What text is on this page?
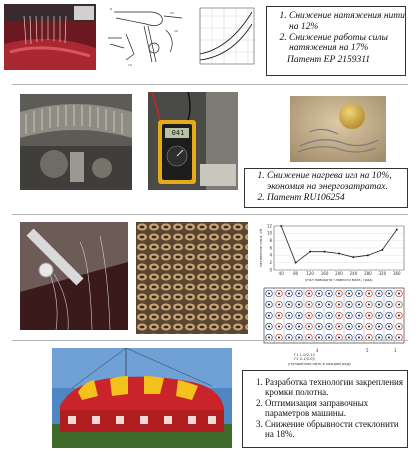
6
10
12
14
1. Снижение натяжения нити на 12%
2. Снижение работы силы натяжения на 17%
Патент EP 2159311
041
1. Снижение нагрева игл на 10%, экономия на энергозатратах.
2. Патент RU106254
0
2
4
6
8
10
12
40 80 120 160 200 240 280 320 360
угол поворота главного вала, град.
натяжение нити, сН
Г1 1-0/2-1//
Г2 0-1/0-0//
утолщенная нить в каждом ряду
4	5	1
1. Разработка технологии закрепления кромки полотна.
2. Оптимизация заправочных параметров машины.
3. Снижение обрывности стеклонити на 18%.
